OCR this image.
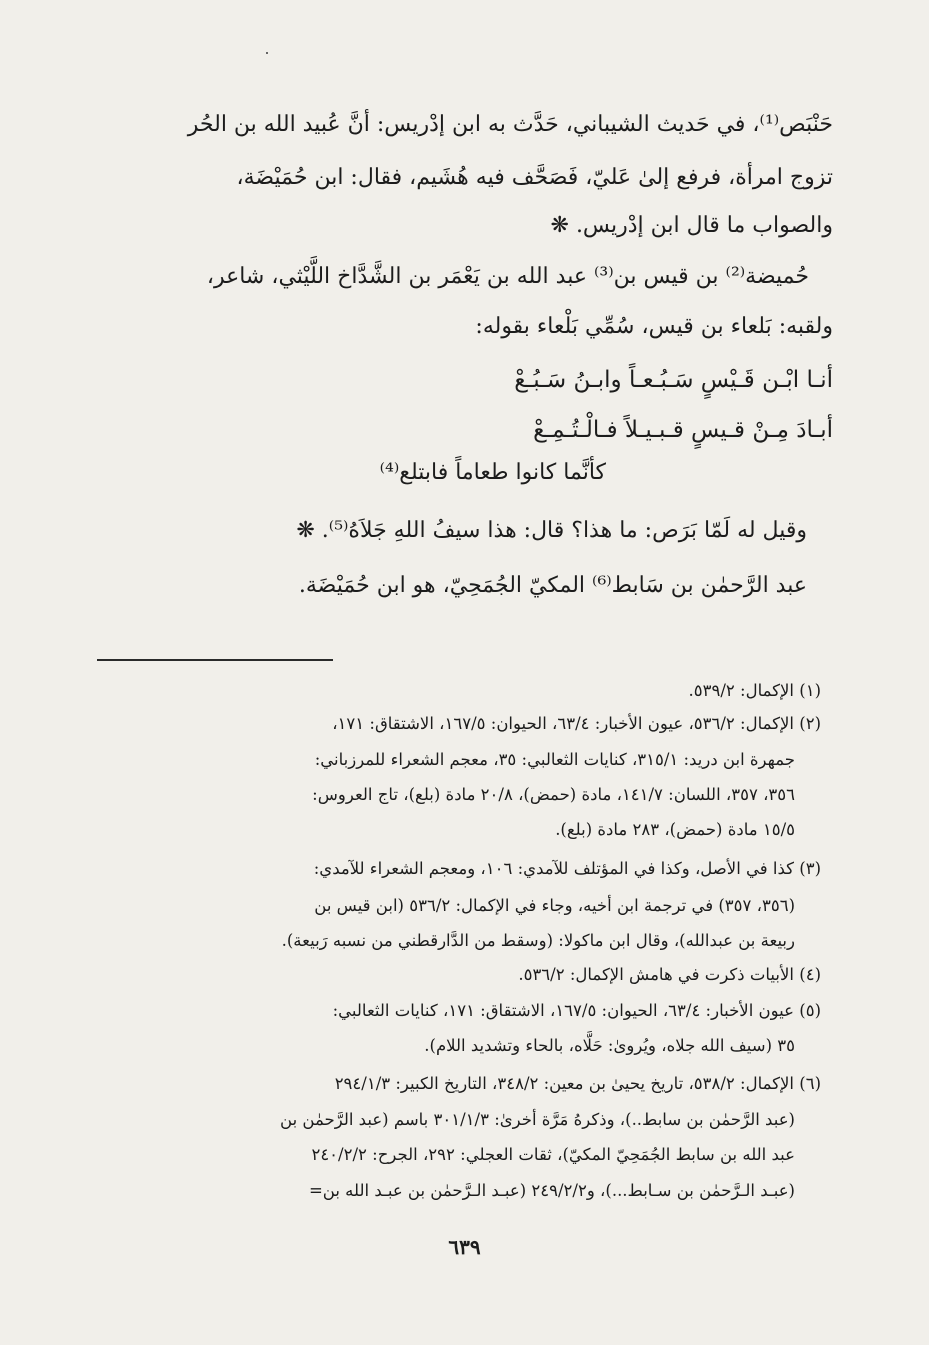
حَنْبَص⁽¹⁾، في حَديث الشيباني، حَدَّث به ابن إدْريس: أنَّ عُبيد الله بن الحُر
تزوج امرأة، فرفع إلىٰ عَليّ، فَصَحَّف فيه هُشَيم، فقال: ابن حُمَيْضَة،
والصواب ما قال ابن إدْريس. ❋
حُميضة⁽²⁾ بن قيس بن⁽³⁾ عبد الله بن يَعْمَر بن الشَّدَّاخ اللَّيْثي، شاعر،
ولقبه: بَلعاء بن قيس، سُمِّي بَلْعاء بقوله:
أنـا ابْـن قَـيْسٍ سَـبُـعـاً وابـنُ سَـبُـعْ
أبـادَ مِـنْ قـيسٍ قـبـيـلاً فـالْـتُـمِـعْ
كأنَّما كانوا طعاماً فابتلع⁽⁴⁾
وقيل له لَمّا بَرَص: ما هذا؟ قال: هذا سيفُ اللهِ جَلاَهُ⁽⁵⁾. ❋
عبد الرَّحمٰن بن سَابط⁽⁶⁾ المكيّ الجُمَحِيّ، هو ابن حُمَيْضَة.
(١) الإكمال: ٥٣٩/٢.
(٢) الإكمال: ٥٣٦/٢، عيون الأخبار: ٦٣/٤، الحيوان: ١٦٧/٥، الاشتقاق: ١٧١،
جمهرة ابن دريد: ٣١٥/١، كنايات الثعالبي: ٣٥، معجم الشعراء للمرزباني:
٣٥٦، ٣٥٧، اللسان: ١٤١/٧، مادة (حمض)، ٢٠/٨ مادة (بلع)، تاج العروس:
١٥/٥ مادة (حمض)، ٢٨٣ مادة (بلع).
(٣) كذا في الأصل، وكذا في المؤتلف للآمدي: ١٠٦، ومعجم الشعراء للآمدي:
(٣٥٦، ٣٥٧) في ترجمة ابن أخيه، وجاء في الإكمال: ٥٣٦/٢ (ابن قيس بن
ربيعة بن عبدالله)، وقال ابن ماكولا: (وسقط من الدَّارقطني من نسبه رَبيعة).
(٤) الأبيات ذكرت في هامش الإكمال: ٥٣٦/٢.
(٥) عيون الأخبار: ٦٣/٤، الحيوان: ١٦٧/٥، الاشتقاق: ١٧١، كنايات الثعالبي:
٣٥ (سيف الله جلاه، ويُروىٰ: حَلَّاه، بالحاء وتشديد اللام).
(٦) الإكمال: ٥٣٨/٢، تاريخ يحيىٰ بن معين: ٣٤٨/٢، التاريخ الكبير: ٢٩٤/١/٣
(عبد الرَّحمٰن بن سابط..)، وذكرهُ مَرَّة أخرىٰ: ٣٠١/١/٣ باسم (عبد الرَّحمٰن بن
عبد الله بن سابط الجُمَحِيّ المكيّ)، ثقات العجلي: ٢٩٢، الجرح: ٢٤٠/٢/٢
(عبـد الـرَّحمٰن بن سـابط...)، و٢٤٩/٢/٢ (عبـد الـرَّحمٰن بن عبـد الله بن=
٦٣٩
